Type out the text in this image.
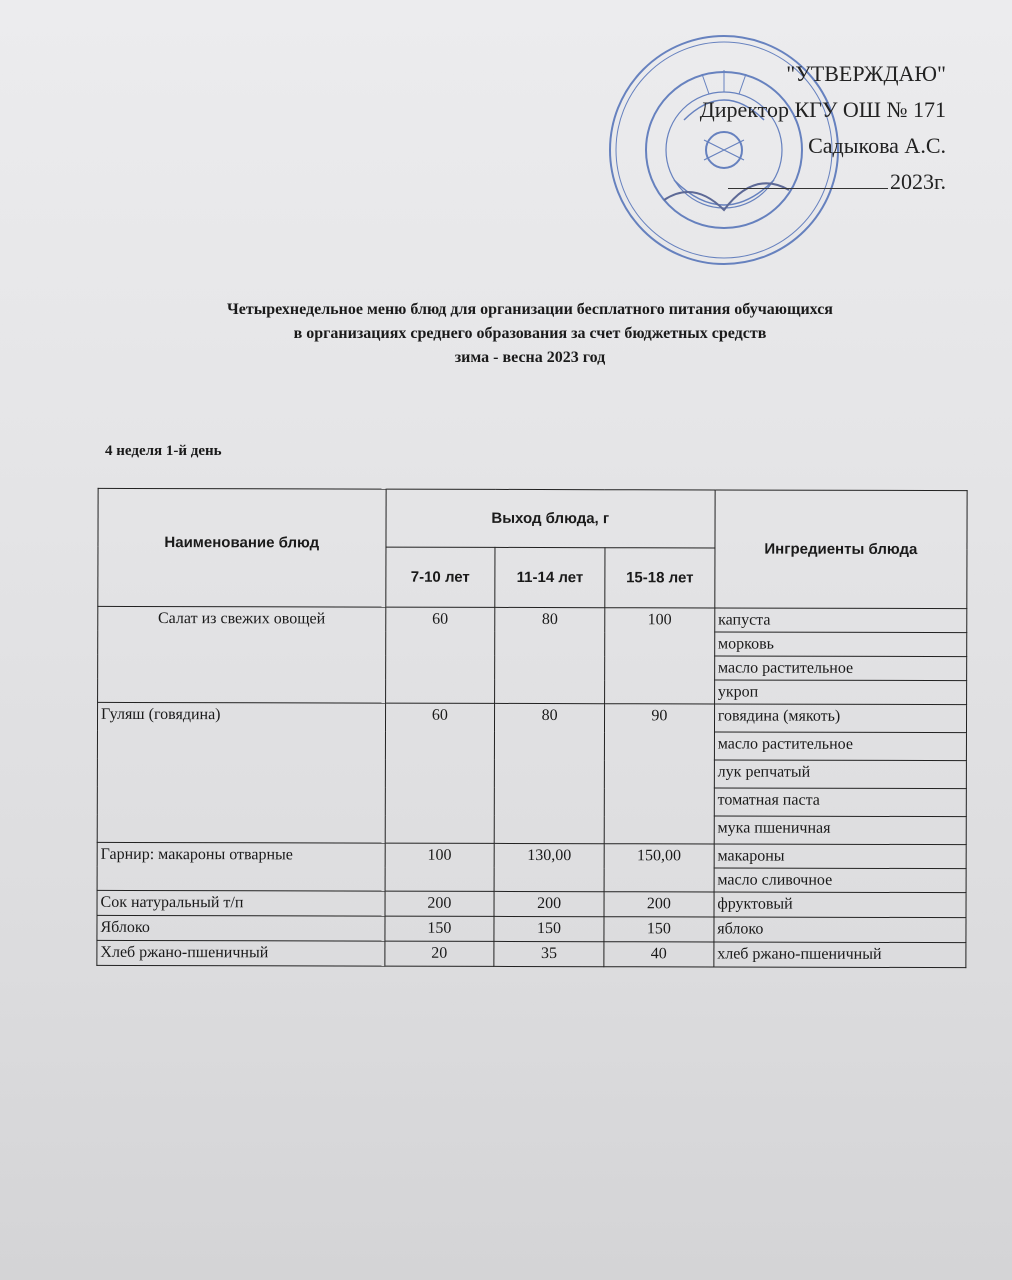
"УТВЕРЖДАЮ"
Директор КГУ ОШ № 171
Садыкова А.С.
2023г.
Четырехнедельное меню блюд для организации бесплатного питания обучающихся
в организациях среднего образования за счет бюджетных средств
зима - весна 2023 год
4 неделя 1-й день
Наименование блюд	Выход блюда, г			Ингредиенты блюда
	7-10 лет	11-14 лет	15-18 лет	
Салат из свежих овощей	60	80	100	капуста
				морковь
				масло растительное
				укроп
Гуляш (говядина)	60	80	90	говядина (мякоть)
				масло растительное
				лук репчатый
				томатная паста
				мука пшеничная
Гарнир: макароны отварные	100	130,00	150,00	макароны
				масло сливочное
Сок натуральный т/п	200	200	200	фруктовый
Яблоко	150	150	150	яблоко
Хлеб ржано-пшеничный	20	35	40	хлеб ржано-пшеничный
